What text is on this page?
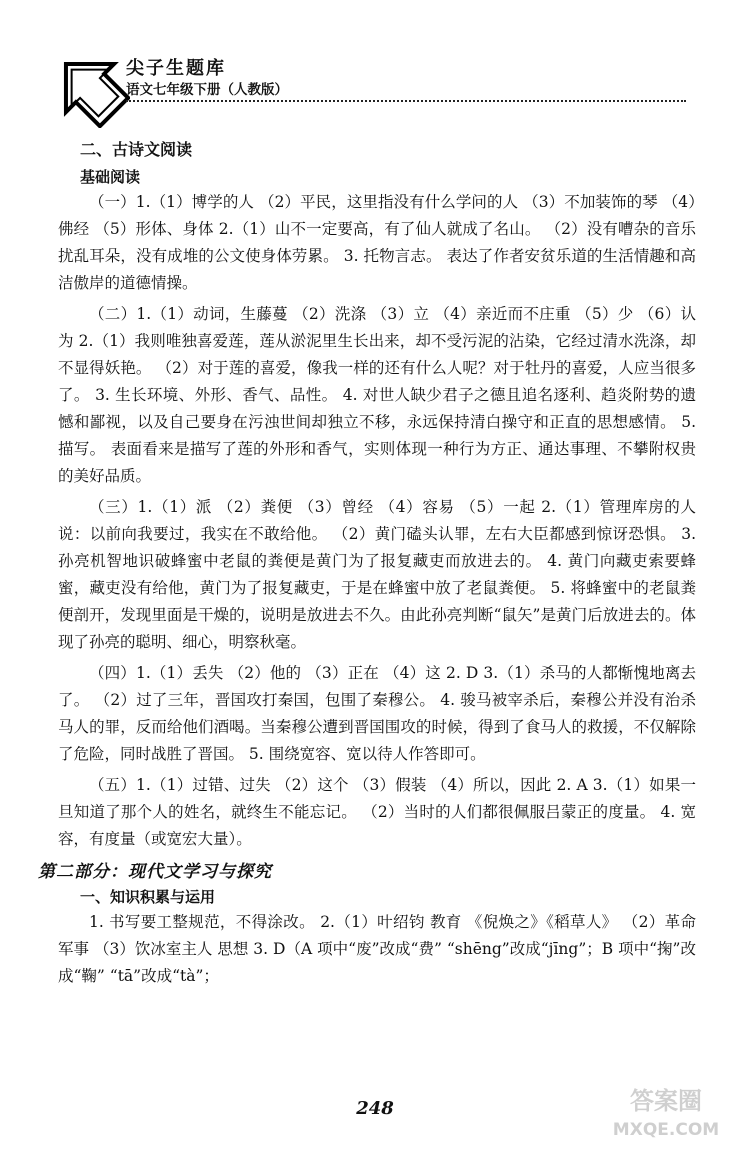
尖子生题库
语文七年级下册（人教版）
二、古诗文阅读
基础阅读

（一）1.（1）博学的人 （2）平民，这里指没有什么学问的人 （3）不加装饰的琴 （4）佛经 （5）形体、身体 2.（1）山不一定要高，有了仙人就成了名山。 （2）没有嘈杂的音乐扰乱耳朵，没有成堆的公文使身体劳累。 3. 托物言志。 表达了作者安贫乐道的生活情趣和高洁傲岸的道德情操。

（二）1.（1）动词，生藤蔓 （2）洗涤 （3）立 （4）亲近而不庄重 （5）少 （6）认为 2.（1）我则唯独喜爱莲，莲从淤泥里生长出来，却不受污泥的沾染，它经过清水洗涤，却不显得妖艳。 （2）对于莲的喜爱，像我一样的还有什么人呢？对于牡丹的喜爱，人应当很多了。 3. 生长环境、外形、香气、品性。 4. 对世人缺少君子之德且追名逐利、趋炎附势的遗憾和鄙视，以及自己要身在污浊世间却独立不移，永远保持清白操守和正直的思想感情。 5. 描写。 表面看来是描写了莲的外形和香气，实则体现一种行为方正、通达事理、不攀附权贵的美好品质。

（三）1.（1）派 （2）粪便 （3）曾经 （4）容易 （5）一起 2.（1）管理库房的人说：以前向我要过，我实在不敢给他。 （2）黄门磕头认罪，左右大臣都感到惊讶恐惧。 3. 孙亮机智地识破蜂蜜中老鼠的粪便是黄门为了报复藏吏而放进去的。 4. 黄门向藏吏索要蜂蜜，藏吏没有给他，黄门为了报复藏吏，于是在蜂蜜中放了老鼠粪便。 5. 将蜂蜜中的老鼠粪便剖开，发现里面是干燥的，说明是放进去不久。由此孙亮判断“鼠矢”是黄门后放进去的。体现了孙亮的聪明、细心，明察秋毫。

（四）1.（1）丢失 （2）他的 （3）正在 （4）这 2. D 3.（1）杀马的人都惭愧地离去了。 （2）过了三年，晋国攻打秦国，包围了秦穆公。 4. 骏马被宰杀后，秦穆公并没有治杀马人的罪，反而给他们酒喝。当秦穆公遭到晋国围攻的时候，得到了食马人的救援，不仅解除了危险，同时战胜了晋国。 5. 围绕宽容、宽以待人作答即可。

（五）1.（1）过错、过失 （2）这个 （3）假装 （4）所以，因此 2. A 3.（1）如果一旦知道了那个人的姓名，就终生不能忘记。 （2）当时的人们都很佩服吕蒙正的度量。 4. 宽容，有度量（或宽宏大量）。

第二部分：现代文学习与探究
一、知识积累与运用

1. 书写要工整规范，不得涂改。 2.（1）叶绍钧 教育 《倪焕之》《稻草人》 （2）革命 军事 （3）饮冰室主人 思想 3. D（A 项中“废”改成“费” “shēng”改成“jīng”；B 项中“掬”改成“鞠” “tā”改成“tà”；

248	答案圈
MXQE.COM
